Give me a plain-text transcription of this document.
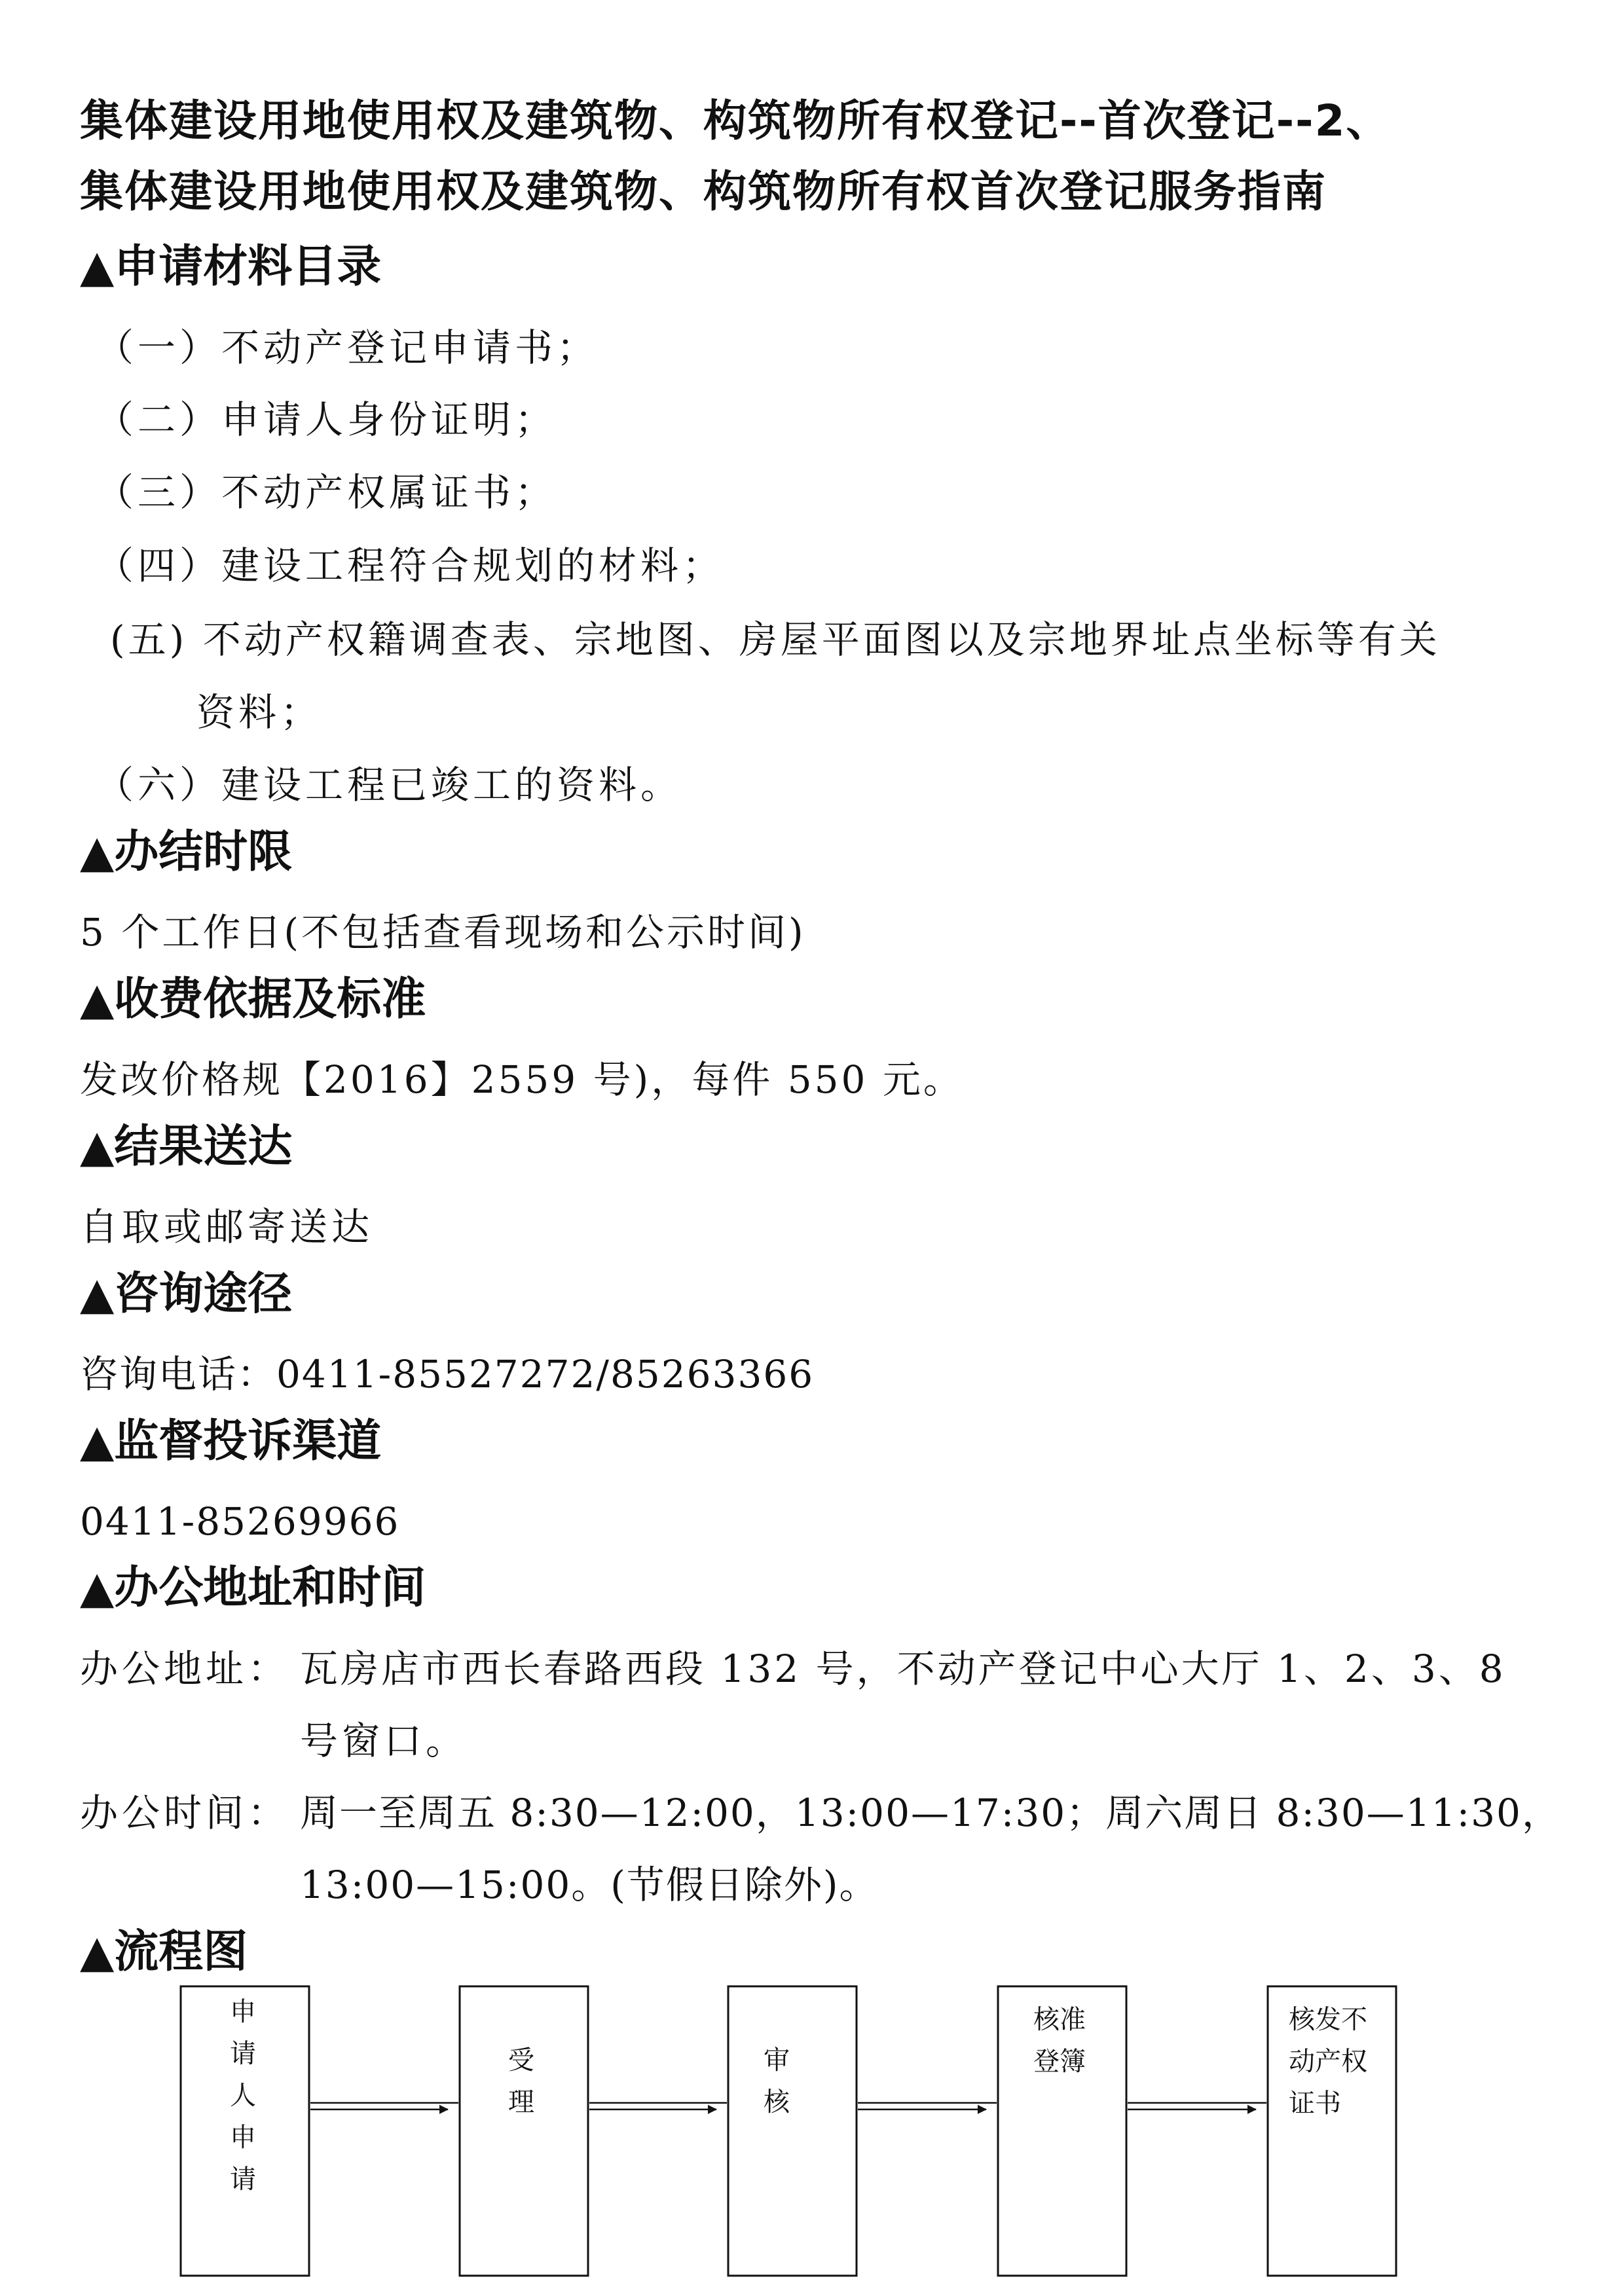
集体建设用地使用权及建筑物、构筑物所有权登记--首次登记--2、
集体建设用地使用权及建筑物、构筑物所有权首次登记服务指南
▲申请材料目录
（一）不动产登记申请书；
（二）申请人身份证明；
（三）不动产权属证书；
（四）建设工程符合规划的材料；
(五) 不动产权籍调查表、宗地图、房屋平面图以及宗地界址点坐标等有关
资料；
（六）建设工程已竣工的资料。
▲办结时限
5 个工作日(不包括查看现场和公示时间)
▲收费依据及标准
发改价格规【2016】2559 号)，每件 550 元。
▲结果送达
自取或邮寄送达
▲咨询途径
咨询电话：0411-85527272/85263366
▲监督投诉渠道
0411-85269966
▲办公地址和时间
办公地址： 瓦房店市西长春路西段 132 号，不动产登记中心大厅 1、2、3、8
号窗口。
办公时间： 周一至周五 8:30—12:00，13:00—17:30；周六周日 8:30—11:30，
13:00—15:00。(节假日除外)。
▲流程图
申
请
人
申
请
受
理
审
核
核准
登簿
核发不
动产权
证书
